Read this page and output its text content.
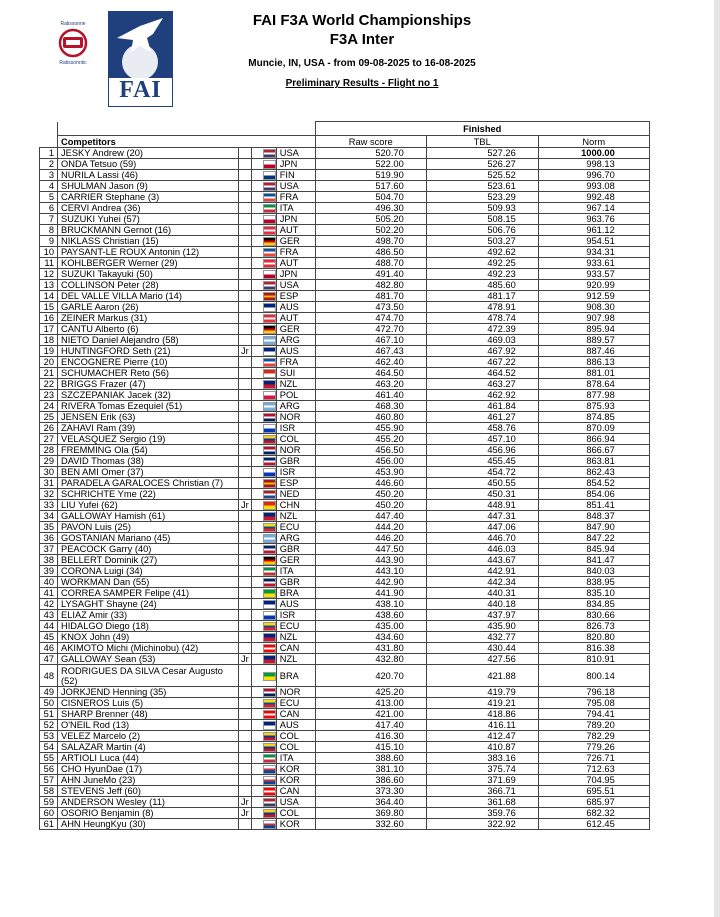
Ratissonne
Ratissonntic
FAI
FAI F3A World Championships
F3A Inter
Muncie, IN, USA - from 09-08-2025 to 16-08-2025
Preliminary Results - Flight no 1
					Finished		
	Competitors				Raw score	TBL	Norm
1	JESKY Andrew (20)			USA	520.70	527.26	1000.00
2	ONDA Tetsuo (59)			JPN	522.00	526.27	998.13
3	NURILA Lassi (46)			FIN	519.90	525.52	996.70
4	SHULMAN Jason (9)			USA	517.60	523.61	993.08
5	CARRIER Stephane (3)			FRA	504.70	523.29	992.48
6	CERVI Andrea (36)			ITA	496.30	509.93	967.14
7	SUZUKI Yuhei (57)			JPN	505.20	508.15	963.76
8	BRUCKMANN Gernot (16)			AUT	502.20	506.76	961.12
9	NIKLASS Christian (15)			GER	498.70	503.27	954.51
10	PAYSANT-LE ROUX Antonin (12)			FRA	486.50	492.62	934.31
11	KOHLBERGER Werner (29)			AUT	488.70	492.25	933.61
12	SUZUKI Takayuki (50)			JPN	491.40	492.23	933.57
13	COLLINSON Peter (28)			USA	482.80	485.60	920.99
14	DEL VALLE VILLA Mario (14)			ESP	481.70	481.17	912.59
15	GARLE Aaron (26)			AUS	473.50	478.91	908.30
16	ZEINER Markus (31)			AUT	474.70	478.74	907.98
17	CANTU Alberto (6)			GER	472.70	472.39	895.94
18	NIETO Daniel Alejandro (58)			ARG	467.10	469.03	889.57
19	HUNTINGFORD Seth (21)	Jr		AUS	467.43	467.92	887.46
20	ENCOGNERE Pierre (10)			FRA	462.40	467.22	886.13
21	SCHUMACHER Reto (56)			SUI	464.50	464.52	881.01
22	BRIGGS Frazer (47)			NZL	463.20	463.27	878.64
23	SZCZEPANIAK Jacek (32)			POL	461.40	462.92	877.98
24	RIVERA Tomas Ezequiel (51)			ARG	468.30	461.84	875.93
25	JENSEN Erik (63)			NOR	460.80	461.27	874.85
26	ZAHAVI Ram (39)			ISR	455.90	458.76	870.09
27	VELASQUEZ Sergio (19)			COL	455.20	457.10	866.94
28	FREMMING Ola (54)			NOR	456.50	456.96	866.67
29	DAVID Thomas (38)			GBR	456.00	455.45	863.81
30	BEN AMI Omer (37)			ISR	453.90	454.72	862.43
31	PARADELA GARALOCES Christian (7)			ESP	446.60	450.55	854.52
32	SCHRICHTE Yme (22)			NED	450.20	450.31	854.06
33	LIU Yufei (62)	Jr		CHN	450.20	448.91	851.41
34	GALLOWAY Hamish (61)			NZL	447.40	447.31	848.37
35	PAVON Luis (25)			ECU	444.20	447.06	847.90
36	GOSTANIAN Mariano (45)			ARG	446.20	446.70	847.22
37	PEACOCK Garry (40)			GBR	447.50	446.03	845.94
38	BELLERT Dominik (27)			GER	443.90	443.67	841.47
39	CORONA Luigi (34)			ITA	443.10	442.91	840.03
40	WORKMAN Dan (55)			GBR	442.90	442.34	838.95
41	CORREA SAMPER Felipe (41)			BRA	441.90	440.31	835.10
42	LYSAGHT Shayne (24)			AUS	438.10	440.18	834.85
43	ELIAZ Amir (33)			ISR	438.60	437.97	830.66
44	HIDALGO Diego (18)			ECU	435.00	435.90	826.73
45	KNOX John (49)			NZL	434.60	432.77	820.80
46	AKIMOTO Michi (Michinobu) (42)			CAN	431.80	430.44	816.38
47	GALLOWAY Sean (53)	Jr		NZL	432.80	427.56	810.91
48	RODRIGUES DA SILVA Cesar Augusto (52)			BRA	420.70	421.88	800.14
49	JORKJEND Henning (35)			NOR	425.20	419.79	796.18
50	CISNEROS Luis (5)			ECU	413.00	419.21	795.08
51	SHARP Brenner (48)			CAN	421.00	418.86	794.41
52	O'NEIL Rod (13)			AUS	417.40	416.11	789.20
53	VELEZ Marcelo (2)			COL	416.30	412.47	782.29
54	SALAZAR Martin (4)			COL	415.10	410.87	779.26
55	ARTIOLI Luca (44)			ITA	388.60	383.16	726.71
56	CHO HyunDae (17)			KOR	381.10	375.74	712.63
57	AHN JuneMo (23)			KOR	386.60	371.69	704.95
58	STEVENS Jeff (60)			CAN	373.30	366.71	695.51
59	ANDERSON Wesley (11)	Jr		USA	364.40	361.68	685.97
60	OSORIO Benjamin (8)	Jr		COL	369.80	359.76	682.32
61	AHN HeungKyu (30)			KOR	332.60	322.92	612.45
